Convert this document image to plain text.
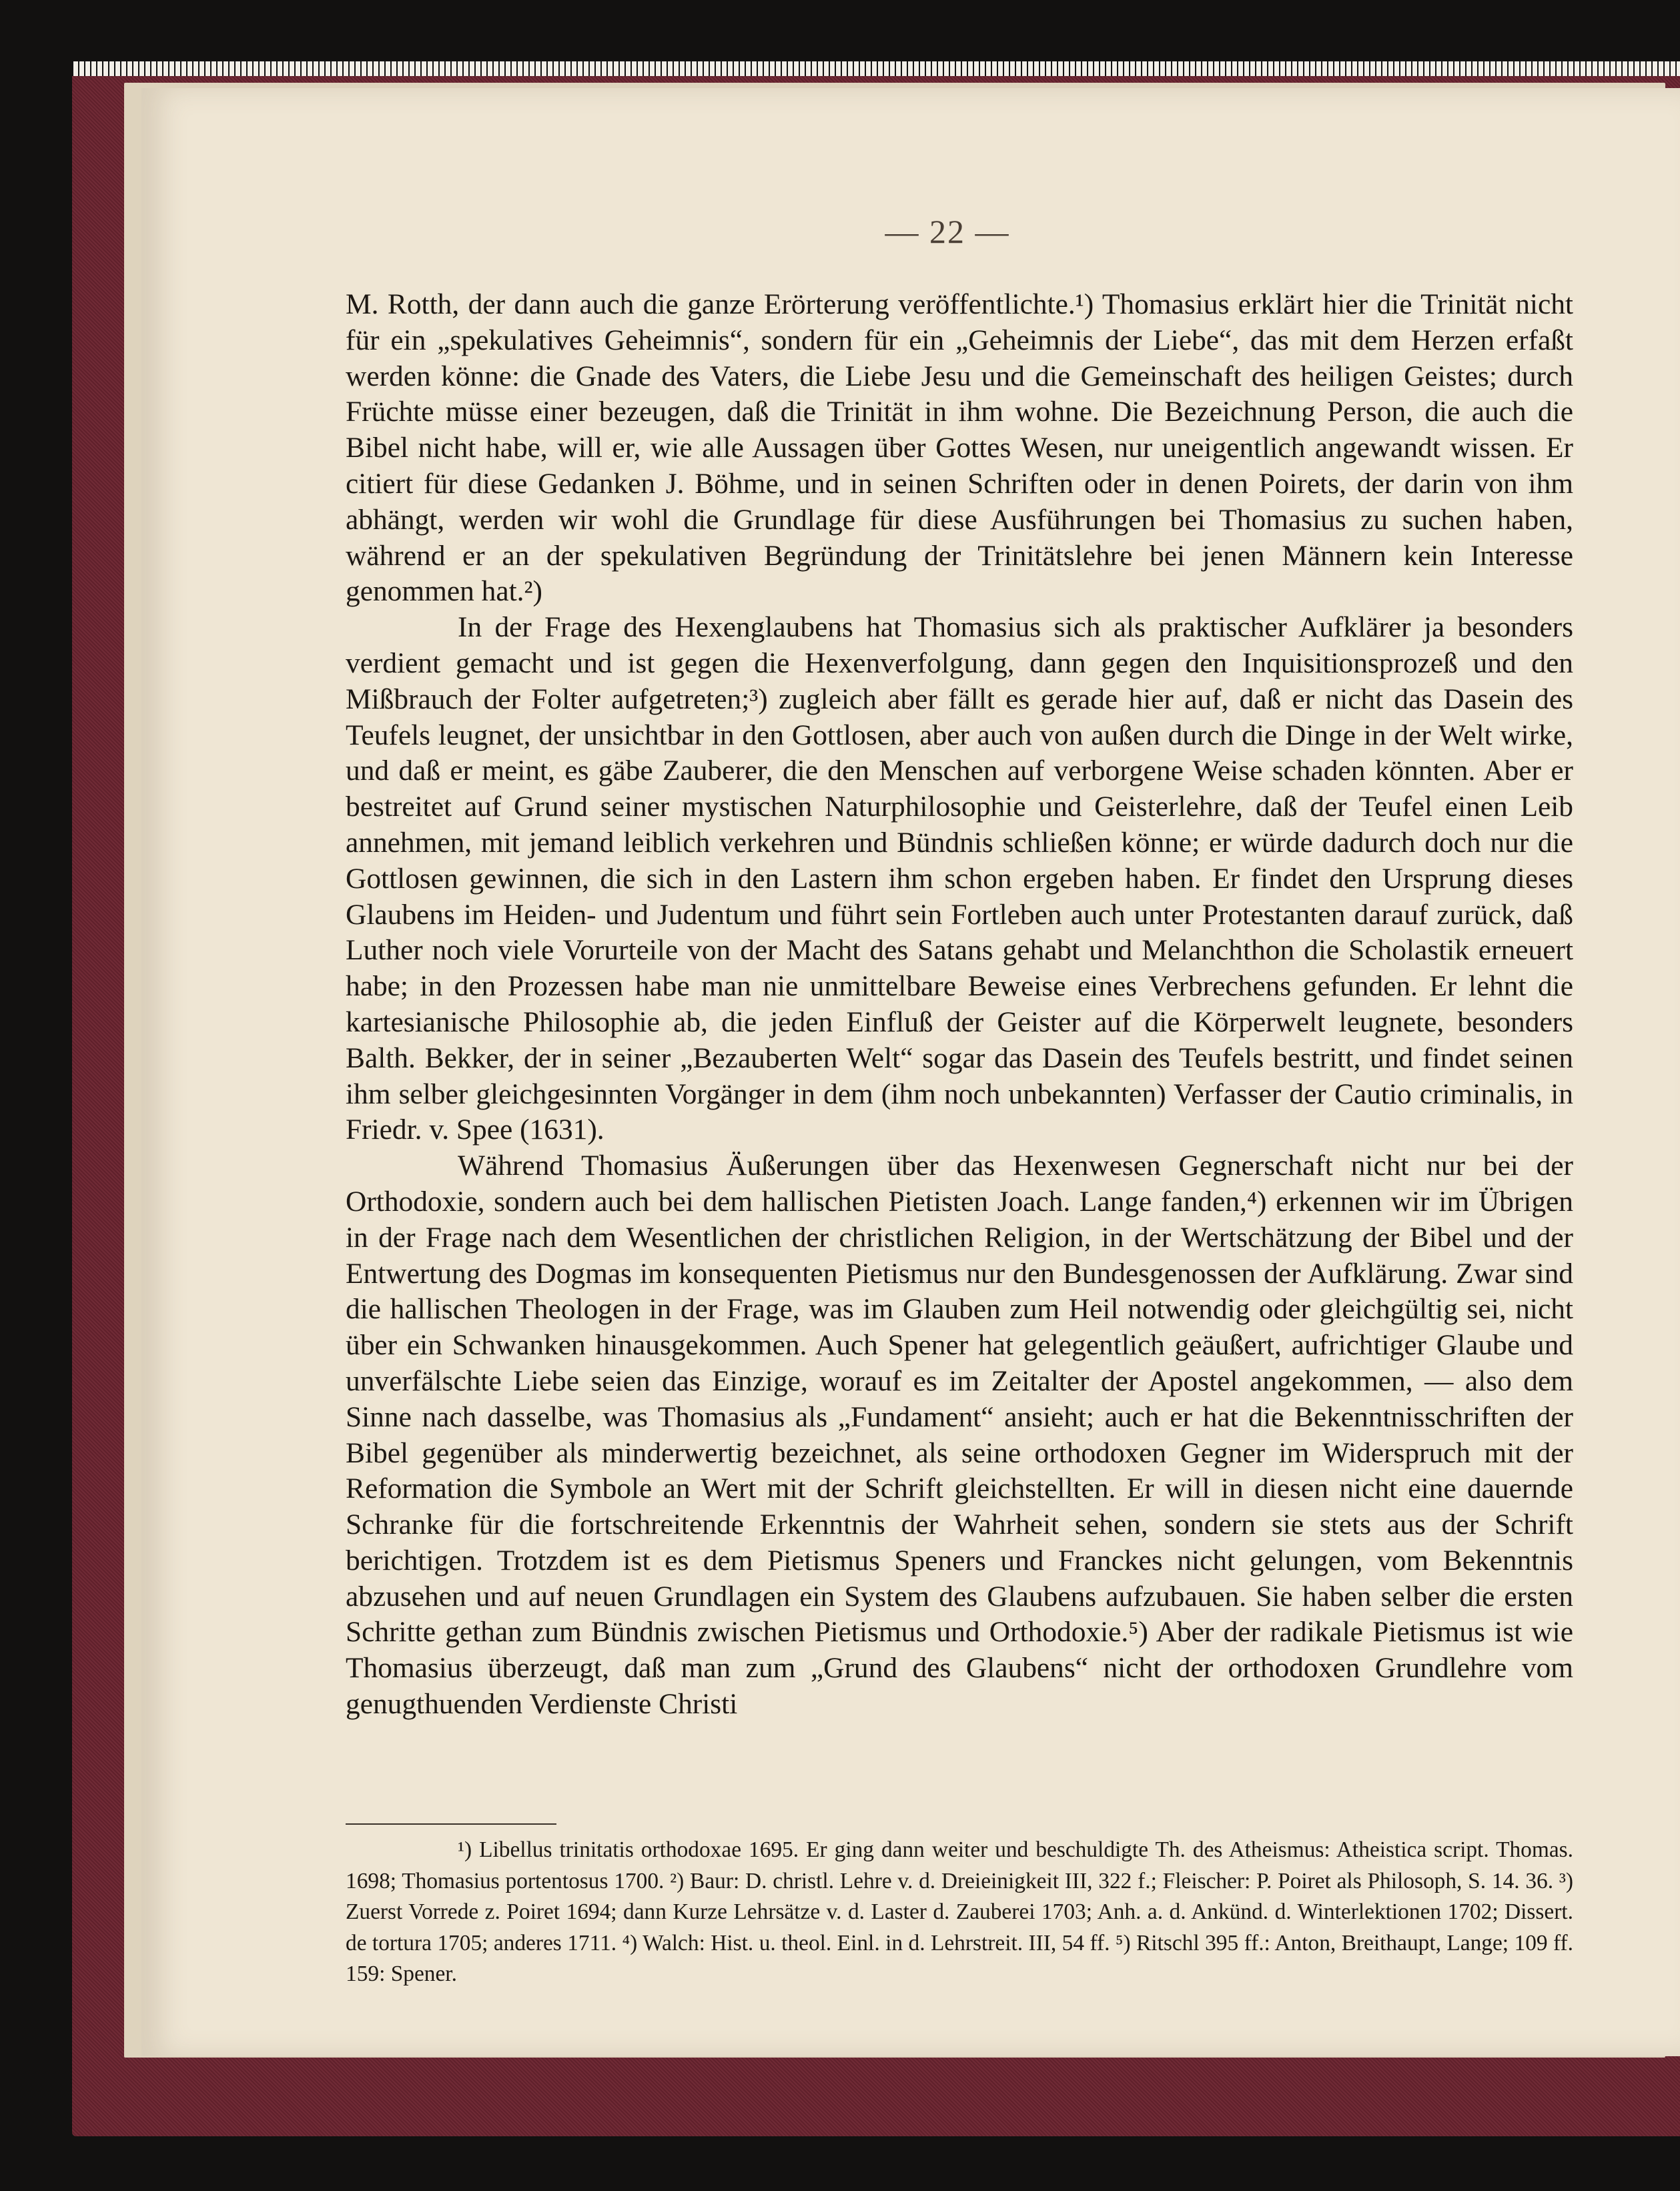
— 22 —

M. Rotth, der dann auch die ganze Erörterung veröffentlichte.¹) Thomasius erklärt hier die Trinität nicht für ein „spekulatives Geheimnis“, sondern für ein „Geheimnis der Liebe“, das mit dem Herzen erfaßt werden könne: die Gnade des Vaters, die Liebe Jesu und die Gemeinschaft des heiligen Geistes; durch Früchte müsse einer bezeugen, daß die Trinität in ihm wohne. Die Bezeichnung Person, die auch die Bibel nicht habe, will er, wie alle Aussagen über Gottes Wesen, nur uneigentlich angewandt wissen. Er citiert für diese Gedanken J. Böhme, und in seinen Schriften oder in denen Poirets, der darin von ihm abhängt, werden wir wohl die Grundlage für diese Ausführungen bei Thomasius zu suchen haben, während er an der spekulativen Begründung der Trinitätslehre bei jenen Männern kein Interesse genommen hat.²)

In der Frage des Hexenglaubens hat Thomasius sich als praktischer Aufklärer ja besonders verdient gemacht und ist gegen die Hexenverfolgung, dann gegen den Inquisitionsprozeß und den Mißbrauch der Folter aufgetreten;³) zugleich aber fällt es gerade hier auf, daß er nicht das Dasein des Teufels leugnet, der unsichtbar in den Gottlosen, aber auch von außen durch die Dinge in der Welt wirke, und daß er meint, es gäbe Zauberer, die den Menschen auf verborgene Weise schaden könnten. Aber er bestreitet auf Grund seiner mystischen Naturphilosophie und Geisterlehre, daß der Teufel einen Leib annehmen, mit jemand leiblich verkehren und Bündnis schließen könne; er würde dadurch doch nur die Gottlosen gewinnen, die sich in den Lastern ihm schon ergeben haben. Er findet den Ursprung dieses Glaubens im Heiden- und Judentum und führt sein Fortleben auch unter Protestanten darauf zurück, daß Luther noch viele Vorurteile von der Macht des Satans gehabt und Melanchthon die Scholastik erneuert habe; in den Prozessen habe man nie unmittelbare Beweise eines Verbrechens gefunden. Er lehnt die kartesianische Philosophie ab, die jeden Einfluß der Geister auf die Körperwelt leugnete, besonders Balth. Bekker, der in seiner „Bezauberten Welt“ sogar das Dasein des Teufels bestritt, und findet seinen ihm selber gleichgesinnten Vorgänger in dem (ihm noch unbekannten) Verfasser der Cautio criminalis, in Friedr. v. Spee (1631).

Während Thomasius Äußerungen über das Hexenwesen Gegnerschaft nicht nur bei der Orthodoxie, sondern auch bei dem hallischen Pietisten Joach. Lange fanden,⁴) erkennen wir im Übrigen in der Frage nach dem Wesentlichen der christlichen Religion, in der Wertschätzung der Bibel und der Entwertung des Dogmas im konsequenten Pietismus nur den Bundesgenossen der Aufklärung. Zwar sind die hallischen Theologen in der Frage, was im Glauben zum Heil notwendig oder gleichgültig sei, nicht über ein Schwanken hinausgekommen. Auch Spener hat gelegentlich geäußert, aufrichtiger Glaube und unverfälschte Liebe seien das Einzige, worauf es im Zeitalter der Apostel angekommen, — also dem Sinne nach dasselbe, was Thomasius als „Fundament“ ansieht; auch er hat die Bekenntnisschriften der Bibel gegenüber als minderwertig bezeichnet, als seine orthodoxen Gegner im Widerspruch mit der Reformation die Symbole an Wert mit der Schrift gleichstellten. Er will in diesen nicht eine dauernde Schranke für die fortschreitende Erkenntnis der Wahrheit sehen, sondern sie stets aus der Schrift berichtigen. Trotzdem ist es dem Pietismus Speners und Franckes nicht gelungen, vom Bekenntnis abzusehen und auf neuen Grundlagen ein System des Glaubens aufzubauen. Sie haben selber die ersten Schritte gethan zum Bündnis zwischen Pietismus und Orthodoxie.⁵) Aber der radikale Pietismus ist wie Thomasius überzeugt, daß man zum „Grund des Glaubens“ nicht der orthodoxen Grundlehre vom genugthuenden Verdienste Christi

¹) Libellus trinitatis orthodoxae 1695. Er ging dann weiter und beschuldigte Th. des Atheismus: Atheistica script. Thomas. 1698; Thomasius portentosus 1700. ²) Baur: D. christl. Lehre v. d. Dreieinigkeit III, 322 f.; Fleischer: P. Poiret als Philosoph, S. 14. 36. ³) Zuerst Vorrede z. Poiret 1694; dann Kurze Lehrsätze v. d. Laster d. Zauberei 1703; Anh. a. d. Ankünd. d. Winterlektionen 1702; Dissert. de tortura 1705; anderes 1711. ⁴) Walch: Hist. u. theol. Einl. in d. Lehrstreit. III, 54 ff. ⁵) Ritschl 395 ff.: Anton, Breithaupt, Lange; 109 ff. 159: Spener.
